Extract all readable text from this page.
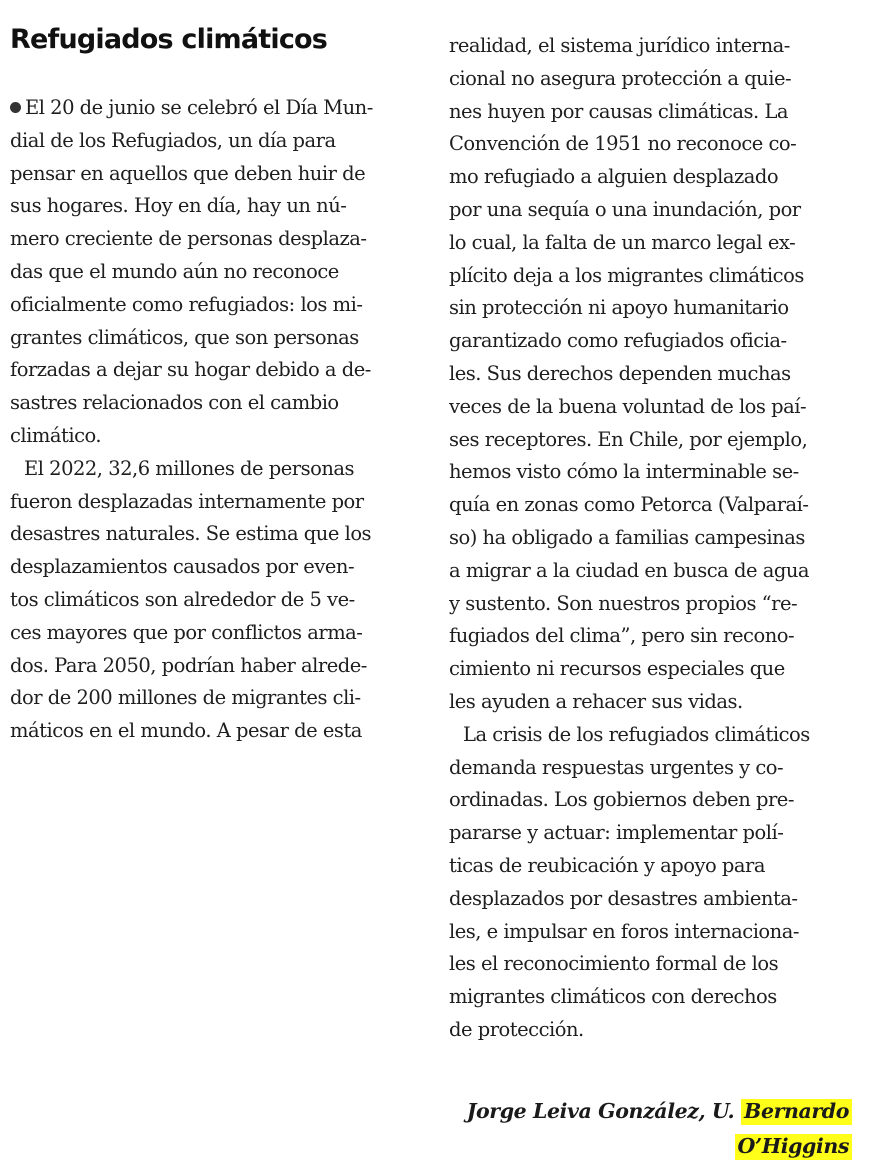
Refugiados climáticos
El 20 de junio se celebró el Día Mun-
dial de los Refugiados, un día para
pensar en aquellos que deben huir de
sus hogares. Hoy en día, hay un nú-
mero creciente de personas desplaza-
das que el mundo aún no reconoce
oficialmente como refugiados: los mi-
grantes climáticos, que son personas
forzadas a dejar su hogar debido a de-
sastres relacionados con el cambio
climático.
El 2022, 32,6 millones de personas
fueron desplazadas internamente por
desastres naturales. Se estima que los
desplazamientos causados por even-
tos climáticos son alrededor de 5 ve-
ces mayores que por conflictos arma-
dos. Para 2050, podrían haber alrede-
dor de 200 millones de migrantes cli-
máticos en el mundo. A pesar de esta
realidad, el sistema jurídico interna-
cional no asegura protección a quie-
nes huyen por causas climáticas. La
Convención de 1951 no reconoce co-
mo refugiado a alguien desplazado
por una sequía o una inundación, por
lo cual, la falta de un marco legal ex-
plícito deja a los migrantes climáticos
sin protección ni apoyo humanitario
garantizado como refugiados oficia-
les. Sus derechos dependen muchas
veces de la buena voluntad de los paí-
ses receptores. En Chile, por ejemplo,
hemos visto cómo la interminable se-
quía en zonas como Petorca (Valparaí-
so) ha obligado a familias campesinas
a migrar a la ciudad en busca de agua
y sustento. Son nuestros propios “re-
fugiados del clima”, pero sin recono-
cimiento ni recursos especiales que
les ayuden a rehacer sus vidas.
La crisis de los refugiados climáticos
demanda respuestas urgentes y co-
ordinadas. Los gobiernos deben pre-
pararse y actuar: implementar polí-
ticas de reubicación y apoyo para
desplazados por desastres ambienta-
les, e impulsar en foros internaciona-
les el reconocimiento formal de los
migrantes climáticos con derechos
de protección.
Jorge Leiva González, U. Bernardo
O’Higgins
